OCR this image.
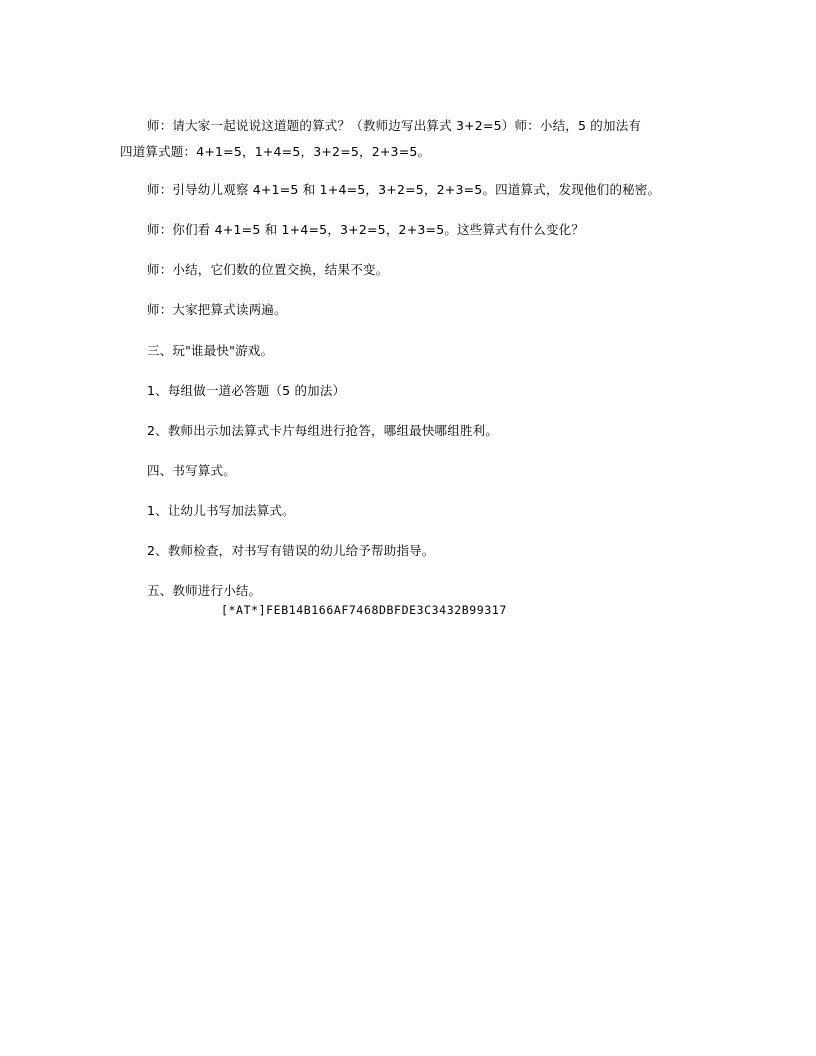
师：请大家一起说说这道题的算式？（教师边写出算式 3+2=5）师：小结，5 的加法有
四道算式题：4+1=5，1+4=5，3+2=5，2+3=5。
师：引导幼儿观察 4+1=5 和 1+4=5，3+2=5，2+3=5。四道算式，发现他们的秘密。
师：你们看 4+1=5 和 1+4=5，3+2=5，2+3=5。这些算式有什么变化？
师：小结，它们数的位置交换，结果不变。
师：大家把算式读两遍。
三、玩"谁最快"游戏。
1、每组做一道必答题（5 的加法）
2、教师出示加法算式卡片每组进行抢答，哪组最快哪组胜利。
四、书写算式。
1、让幼儿书写加法算式。
2、教师检查，对书写有错误的幼儿给予帮助指导。
五、教师进行小结。
[*AT*]FEB14B166AF7468DBFDE3C3432B99317
